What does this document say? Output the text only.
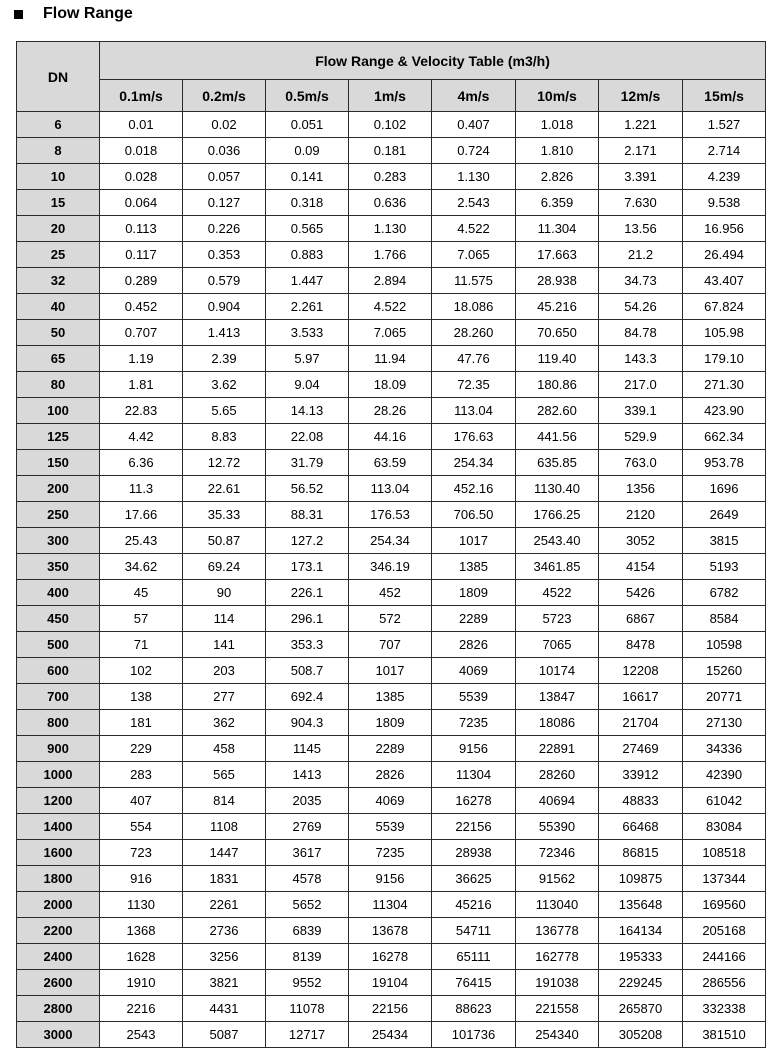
Flow Range
DN	Flow Range & Velocity Table (m3/h)							
	0.1m/s	0.2m/s	0.5m/s	1m/s	4m/s	10m/s	12m/s	15m/s
6	0.01	0.02	0.051	0.102	0.407	1.018	1.221	1.527
8	0.018	0.036	0.09	0.181	0.724	1.810	2.171	2.714
10	0.028	0.057	0.141	0.283	1.130	2.826	3.391	4.239
15	0.064	0.127	0.318	0.636	2.543	6.359	7.630	9.538
20	0.113	0.226	0.565	1.130	4.522	11.304	13.56	16.956
25	0.117	0.353	0.883	1.766	7.065	17.663	21.2	26.494
32	0.289	0.579	1.447	2.894	11.575	28.938	34.73	43.407
40	0.452	0.904	2.261	4.522	18.086	45.216	54.26	67.824
50	0.707	1.413	3.533	7.065	28.260	70.650	84.78	105.98
65	1.19	2.39	5.97	11.94	47.76	119.40	143.3	179.10
80	1.81	3.62	9.04	18.09	72.35	180.86	217.0	271.30
100	22.83	5.65	14.13	28.26	113.04	282.60	339.1	423.90
125	4.42	8.83	22.08	44.16	176.63	441.56	529.9	662.34
150	6.36	12.72	31.79	63.59	254.34	635.85	763.0	953.78
200	11.3	22.61	56.52	113.04	452.16	1130.40	1356	1696
250	17.66	35.33	88.31	176.53	706.50	1766.25	2120	2649
300	25.43	50.87	127.2	254.34	1017	2543.40	3052	3815
350	34.62	69.24	173.1	346.19	1385	3461.85	4154	5193
400	45	90	226.1	452	1809	4522	5426	6782
450	57	114	296.1	572	2289	5723	6867	8584
500	71	141	353.3	707	2826	7065	8478	10598
600	102	203	508.7	1017	4069	10174	12208	15260
700	138	277	692.4	1385	5539	13847	16617	20771
800	181	362	904.3	1809	7235	18086	21704	27130
900	229	458	1145	2289	9156	22891	27469	34336
1000	283	565	1413	2826	11304	28260	33912	42390
1200	407	814	2035	4069	16278	40694	48833	61042
1400	554	1108	2769	5539	22156	55390	66468	83084
1600	723	1447	3617	7235	28938	72346	86815	108518
1800	916	1831	4578	9156	36625	91562	109875	137344
2000	1130	2261	5652	11304	45216	113040	135648	169560
2200	1368	2736	6839	13678	54711	136778	164134	205168
2400	1628	3256	8139	16278	65111	162778	195333	244166
2600	1910	3821	9552	19104	76415	191038	229245	286556
2800	2216	4431	11078	22156	88623	221558	265870	332338
3000	2543	5087	12717	25434	101736	254340	305208	381510
